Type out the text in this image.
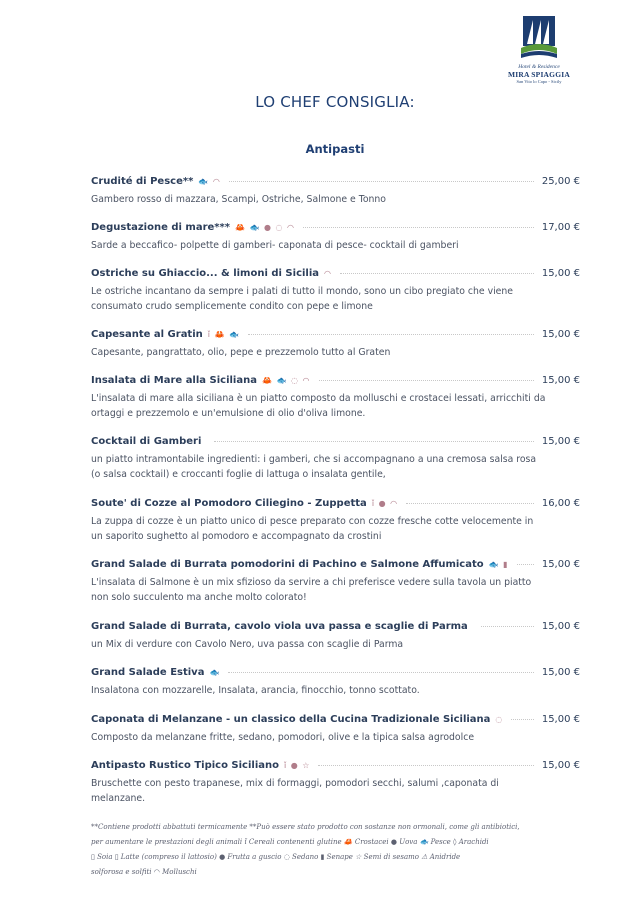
Hotel & Residence
MIRA SPIAGGIA
San Vito lo Capo - Sicily
LO CHEF CONSIGLIA:
Antipasti
Crudité di Pesce** 🐟 ◠	25,00 €
Gambero rosso di mazzara, Scampi, Ostriche, Salmone e Tonno
Degustazione di mare*** 🦀 🐟 ● ◌ ◠	17,00 €
Sarde a beccafico- polpette di gamberi- caponata di pesce- cocktail di gamberi
Ostriche su Ghiaccio... & limoni di Sicilia ◠	15,00 €
Le ostriche incantano da sempre i palati di tutto il mondo, sono un cibo pregiato che viene consumato crudo semplicemente condito con pepe e limone
Capesante al Gratin ǐ 🦀 🐟	15,00 €
Capesante, pangrattato, olio, pepe e prezzemolo tutto al Graten
Insalata di Mare alla Siciliana 🦀 🐟 ◌ ◠	15,00 €
L'insalata di mare alla siciliana è un piatto composto da molluschi e crostacei lessati, arricchiti da ortaggi e prezzemolo e un'emulsione di olio d'oliva limone.
Cocktail di Gamberi	15,00 €
un piatto intramontabile ingredienti: i gamberi, che si accompagnano a una cremosa salsa rosa (o salsa cocktail) e croccanti foglie di lattuga o insalata gentile,
Soute' di Cozze al Pomodoro Ciliegino - Zuppetta ǐ ● ◠	16,00 €
La zuppa di cozze è un piatto unico di pesce preparato con cozze fresche cotte velocemente in un saporito sughetto al pomodoro e accompagnato da crostini
Grand Salade di Burrata pomodorini di Pachino e Salmone Affumicato 🐟 ▮	15,00 €
L'insalata di Salmone è un mix sfizioso da servire a chi preferisce vedere sulla tavola un piatto non solo succulento ma anche molto colorato!
Grand Salade di Burrata, cavolo viola uva passa e scaglie di Parma	15,00 €
un Mix di verdure con Cavolo Nero, uva passa con scaglie di Parma
Grand Salade Estiva 🐟	15,00 €
Insalatona con mozzarelle, Insalata, arancia, finocchio, tonno scottato.
Caponata di Melanzane - un classico della Cucina Tradizionale Siciliana ◌	15,00 €
Composto da melanzane fritte, sedano, pomodori, olive e la tipica salsa agrodolce
Antipasto Rustico Tipico Siciliano ǐ ● ☆	15,00 €
Bruschette con pesto trapanese, mix di formaggi, pomodori secchi, salumi ,caponata di melanzane.
**Contiene prodotti abbattuti termicamente **Può essere stato prodotto con sostanze non ormonali, come gli antibiotici,
per aumentare le prestazioni degli animali ǐ Cereali contenenti glutine 🦀 Crostacei ● Uova 🐟 Pesce ◊ Arachidi
▯ Soia ▯ Latte (compreso il lattosio) ● Frutta a guscio ◌ Sedano ▮ Senape ☆ Semi di sesamo ⚠ Anidride
solforosa e solfiti ◠ Molluschi
